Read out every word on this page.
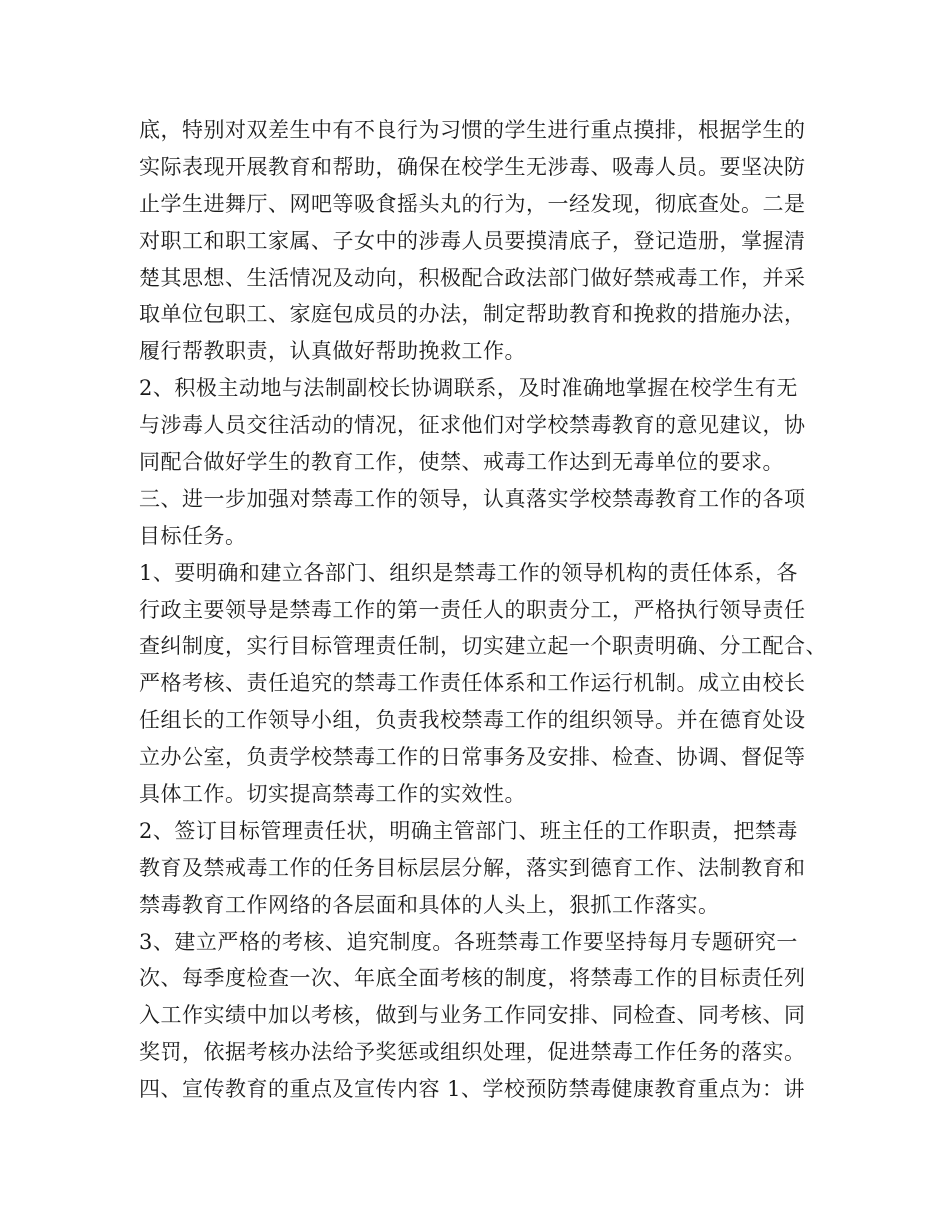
底，特别对双差生中有不良行为习惯的学生进行重点摸排，根据学生的
实际表现开展教育和帮助，确保在校学生无涉毒、吸毒人员。要坚决防
止学生进舞厅、网吧等吸食摇头丸的行为，一经发现，彻底查处。二是
对职工和职工家属、子女中的涉毒人员要摸清底子，登记造册，掌握清
楚其思想、生活情况及动向，积极配合政法部门做好禁戒毒工作，并采
取单位包职工、家庭包成员的办法，制定帮助教育和挽救的措施办法，
履行帮教职责，认真做好帮助挽救工作。
2、积极主动地与法制副校长协调联系，及时准确地掌握在校学生有无
与涉毒人员交往活动的情况，征求他们对学校禁毒教育的意见建议，协
同配合做好学生的教育工作，使禁、戒毒工作达到无毒单位的要求。
三、进一步加强对禁毒工作的领导，认真落实学校禁毒教育工作的各项
目标任务。
1、要明确和建立各部门、组织是禁毒工作的领导机构的责任体系，各
行政主要领导是禁毒工作的第一责任人的职责分工，严格执行领导责任
查纠制度，实行目标管理责任制，切实建立起一个职责明确、分工配合、
严格考核、责任追究的禁毒工作责任体系和工作运行机制。成立由校长
任组长的工作领导小组，负责我校禁毒工作的组织领导。并在德育处设
立办公室，负责学校禁毒工作的日常事务及安排、检查、协调、督促等
具体工作。切实提高禁毒工作的实效性。
2、签订目标管理责任状，明确主管部门、班主任的工作职责，把禁毒
教育及禁戒毒工作的任务目标层层分解，落实到德育工作、法制教育和
禁毒教育工作网络的各层面和具体的人头上，狠抓工作落实。
3、建立严格的考核、追究制度。各班禁毒工作要坚持每月专题研究一
次、每季度检查一次、年底全面考核的制度，将禁毒工作的目标责任列
入工作实绩中加以考核，做到与业务工作同安排、同检查、同考核、同
奖罚，依据考核办法给予奖惩或组织处理，促进禁毒工作任务的落实。
四、宣传教育的重点及宣传内容 1、学校预防禁毒健康教育重点为：讲
